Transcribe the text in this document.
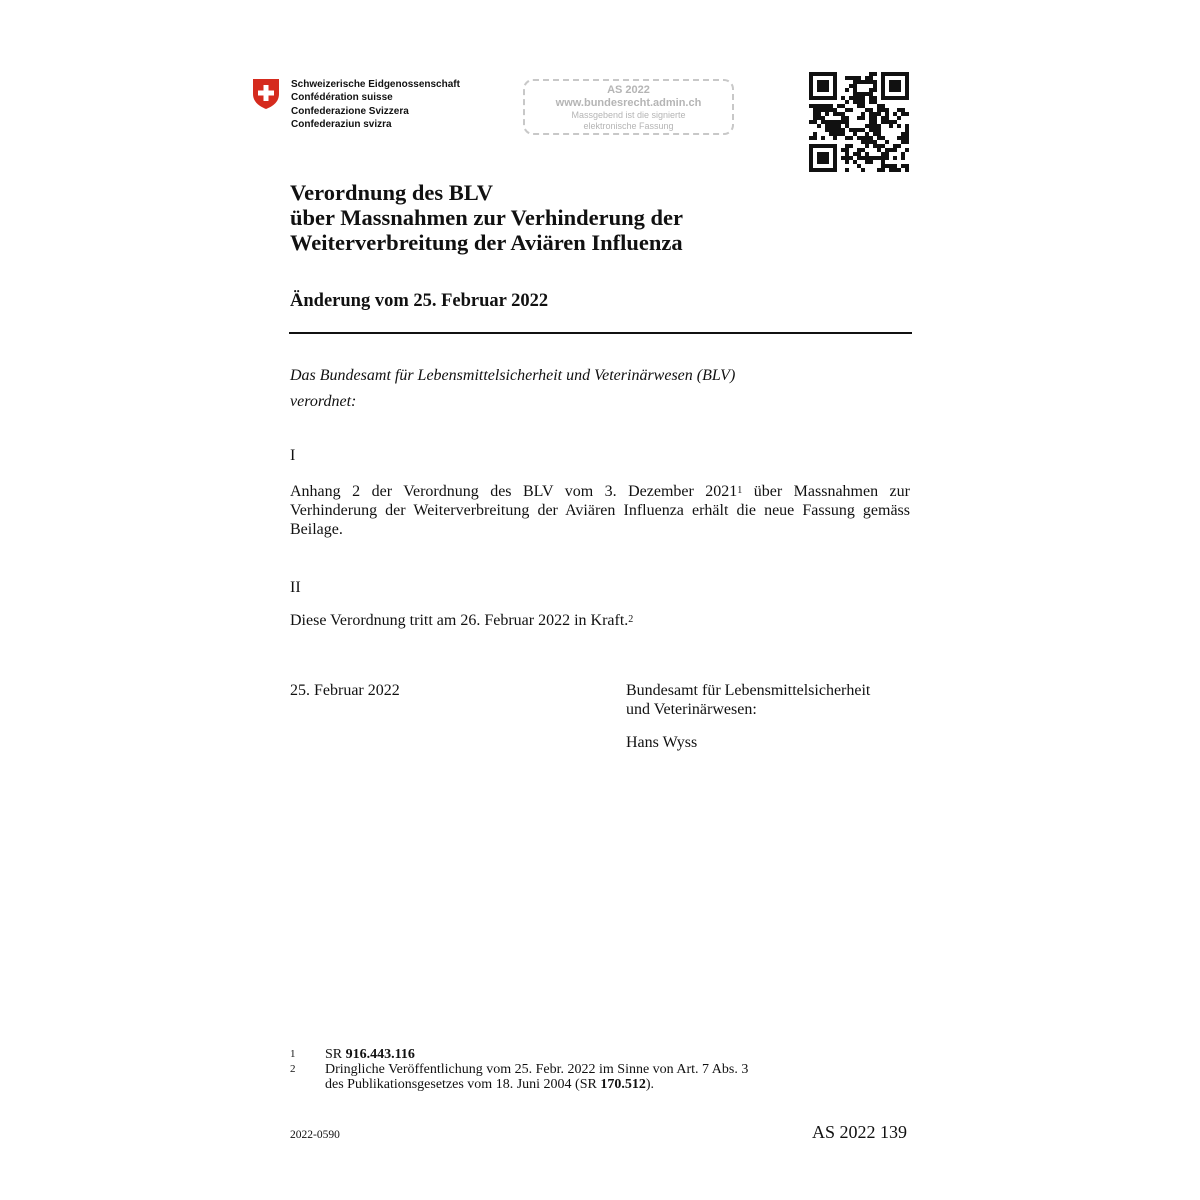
Schweizerische Eidgenossenschaft
Confédération suisse
Confederazione Svizzera
Confederaziun svizra
AS 2022
www.bundesrecht.admin.ch
Massgebend ist die signierte
elektronische Fassung
Verordnung des BLV
über Massnahmen zur Verhinderung der
Weiterverbreitung der Aviären Influenza
Änderung vom 25. Februar 2022
Das Bundesamt für Lebensmittelsicherheit und Veterinärwesen (BLV)
verordnet:
I
Anhang 2 der Verordnung des BLV vom 3. Dezember 2021$^1$ über Massnahmen zur Verhinderung der Weiterverbreitung der Aviären Influenza erhält die neue Fassung gemäss Beilage.
II
Diese Verordnung tritt am 26. Februar 2022 in Kraft.$^2$
25. Februar 2022	Bundesamt für Lebensmittelsicherheit
und Veterinärwesen:
Hans Wyss
1	SR 916.443.116
2	Dringliche Veröffentlichung vom 25. Febr. 2022 im Sinne von Art. 7 Abs. 3
des Publikationsgesetzes vom 18. Juni 2004 (SR 170.512).
2022-0590	AS 2022 139
